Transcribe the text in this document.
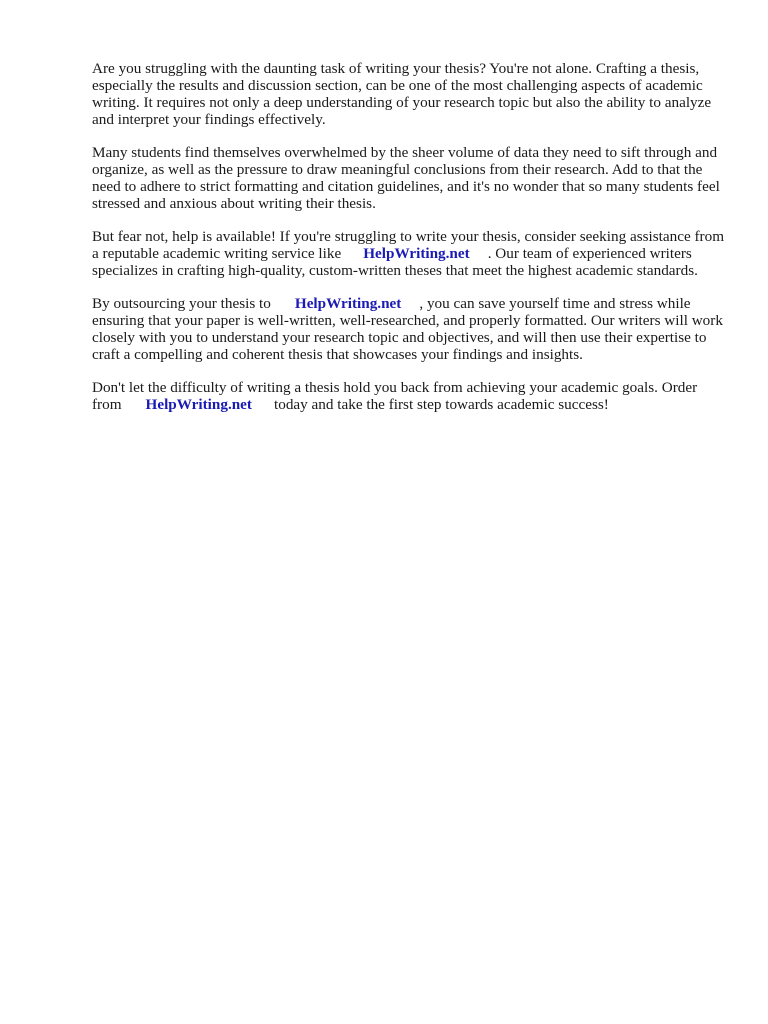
Are you struggling with the daunting task of writing your thesis? You're not alone. Crafting a thesis, especially the results and discussion section, can be one of the most challenging aspects of academic writing. It requires not only a deep understanding of your research topic but also the ability to analyze and interpret your findings effectively.

Many students find themselves overwhelmed by the sheer volume of data they need to sift through and organize, as well as the pressure to draw meaningful conclusions from their research. Add to that the need to adhere to strict formatting and citation guidelines, and it's no wonder that so many students feel stressed and anxious about writing their thesis.

But fear not, help is available! If you're struggling to write your thesis, consider seeking assistance from a reputable academic writing service like HelpWriting.net . Our team of experienced writers specializes in crafting high-quality, custom-written theses that meet the highest academic standards.

By outsourcing your thesis to HelpWriting.net , you can save yourself time and stress while ensuring that your paper is well-written, well-researched, and properly formatted. Our writers will work closely with you to understand your research topic and objectives, and will then use their expertise to craft a compelling and coherent thesis that showcases your findings and insights.

Don't let the difficulty of writing a thesis hold you back from achieving your academic goals. Order from HelpWriting.net today and take the first step towards academic success!
